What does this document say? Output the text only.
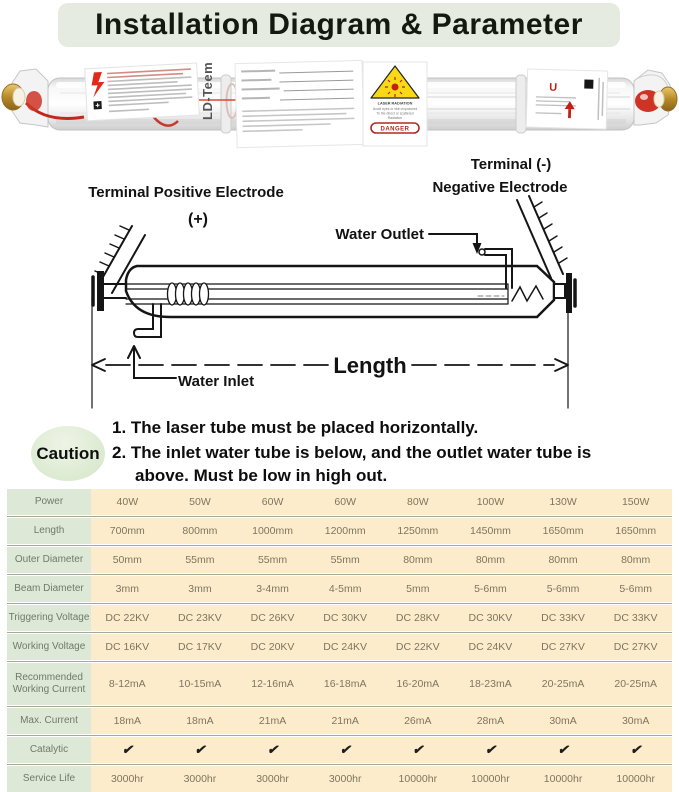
Installation Diagram & Parameter
LD-Teem	LASER RADIATION
Avoid eyes or skin exposured
To the direct or scattered
Radiation
DANGER
U
Terminal (-)
Negative Electrode
Terminal Positive Electrode
(+)
Water Outlet
Water Inlet
Length
Caution
1. The laser tube must be placed horizontally.
2. The inlet water tube is below, and the outlet water tube is above. Must be low in high out.
Power	40W	50W	60W	60W	80W	100W	130W	150W
Length	700mm	800mm	1000mm	1200mm	1250mm	1450mm	1650mm	1650mm
Outer Diameter	50mm	55mm	55mm	55mm	80mm	80mm	80mm	80mm
Beam Diameter	3mm	3mm	3-4mm	4-5mm	5mm	5-6mm	5-6mm	5-6mm
Triggering Voltage	DC 22KV	DC 23KV	DC 26KV	DC 30KV	DC 28KV	DC 30KV	DC 33KV	DC 33KV
Working Voltage	DC 16KV	DC 17KV	DC 20KV	DC 24KV	DC 22KV	DC 24KV	DC 27KV	DC 27KV
Recommended Working Current	8-12mA	10-15mA	12-16mA	16-18mA	16-20mA	18-23mA	20-25mA	20-25mA
Max. Current	18mA	18mA	21mA	21mA	26mA	28mA	30mA	30mA
Catalytic	✔	✔	✔	✔	✔	✔	✔	✔
Service Life	3000hr	3000hr	3000hr	3000hr	10000hr	10000hr	10000hr	10000hr
